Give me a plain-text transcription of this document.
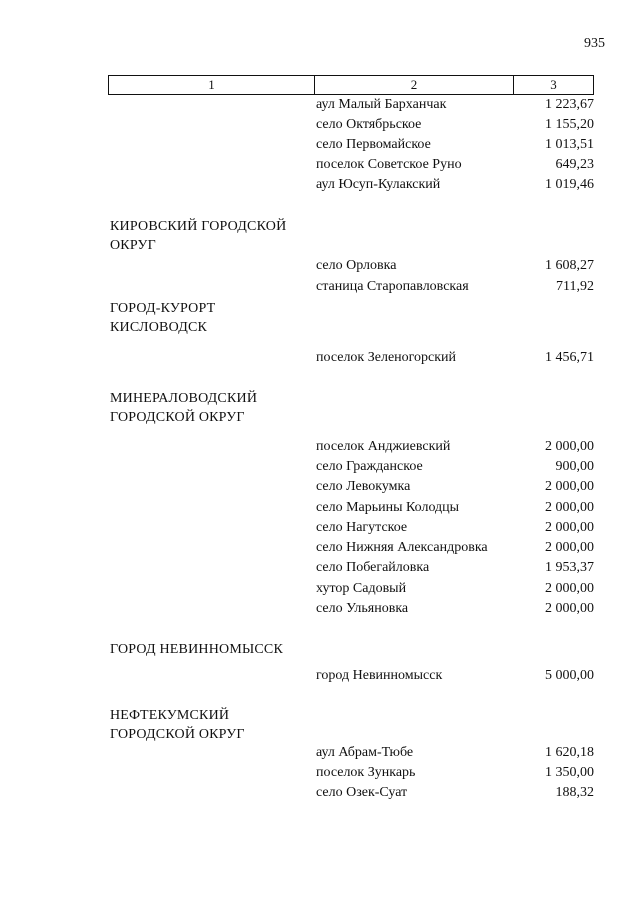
935
1	2	3
аул Малый Барханчак	1 223,67
село Октябрьское	1 155,20
село Первомайское	1 013,51
поселок Советское Руно	649,23
аул Юсуп-Кулакский	1 019,46
КИРОВСКИЙ ГОРОДСКОЙ ОКРУГ
село Орловка	1 608,27
станица Старопавловская	711,92
ГОРОД-КУРОРТ КИСЛОВОДСК
поселок Зеленогорский	1 456,71
МИНЕРАЛОВОДСКИЙ ГОРОДСКОЙ ОКРУГ
поселок Анджиевский	2 000,00
село Гражданское	900,00
село Левокумка	2 000,00
село Марьины Колодцы	2 000,00
село Нагутское	2 000,00
село Нижняя Александровка	2 000,00
село Побегайловка	1 953,37
хутор Садовый	2 000,00
село Ульяновка	2 000,00
ГОРОД НЕВИННОМЫССК
город Невинномысск	5 000,00
НЕФТЕКУМСКИЙ ГОРОДСКОЙ ОКРУГ
аул Абрам-Тюбе	1 620,18
поселок Зункарь	1 350,00
село Озек-Суат	188,32
